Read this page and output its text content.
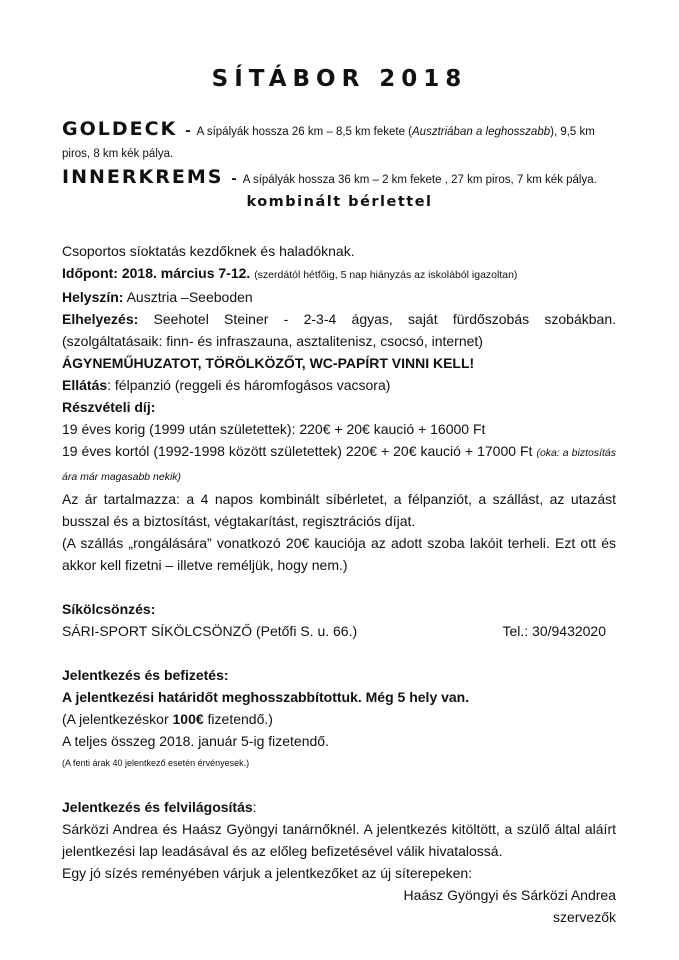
SÍTÁBOR 2018
GOLDECK - A sípályák hossza 26 km – 8,5 km fekete (Ausztriában a leghosszabb), 9,5 km piros, 8 km kék pálya.
INNERKREMS - A sípályák hossza 36 km – 2 km fekete , 27 km piros, 7 km kék pálya.
kombinált bérlettel
Csoportos síoktatás kezdőknek és haladóknak.
Időpont: 2018. március 7-12. (szerdától hétfőig, 5 nap hiányzás az iskolából igazoltan)
Helyszín: Ausztria –Seeboden
Elhelyezés: Seehotel Steiner - 2-3-4 ágyas, saját fürdőszobás szobákban. (szolgáltatásaik: finn- és infraszauna, asztalitenisz, csocsó, internet)
ÁGYNEMŰHUZATOT, TÖRÖLKÖZŐT, WC-PAPÍRT VINNI KELL!
Ellátás: félpanzió (reggeli és háromfogásos vacsora)
Részvételi díj:
19 éves korig (1999 után születettek): 220€ + 20€ kaució + 16000 Ft
19 éves kortól (1992-1998 között születettek) 220€ + 20€ kaució + 17000 Ft (oka: a biztosítás ára már magasabb nekik)
Az ár tartalmazza: a 4 napos kombinált síbérletet, a félpanziót, a szállást, az utazást busszal és a biztosítást, végtakarítást, regisztrációs díjat.
(A szállás „rongálására” vonatkozó 20€ kauciója az adott szoba lakóit terheli. Ezt ott és akkor kell fizetni – illetve reméljük, hogy nem.)
Síkölcsönzés:
SÁRI-SPORT SÍKÖLCSÖNZŐ (Petőfi S. u. 66.)	Tel.: 30/9432020
Jelentkezés és befizetés:
A jelentkezési határidőt meghosszabbítottuk. Még 5 hely van.
(A jelentkezéskor 100€ fizetendő.)
A teljes összeg 2018. január 5-ig fizetendő.
(A fenti árak 40 jelentkező esetén érvényesek.)
Jelentkezés és felvilágosítás:
Sárközi Andrea és Haász Gyöngyi tanárnőknél. A jelentkezés kitöltött, a szülő által aláírt jelentkezési lap leadásával és az előleg befizetésével válik hivatalossá.
Egy jó sízés reményében várjuk a jelentkezőket az új síterepeken:
Haász Gyöngyi és Sárközi Andrea
szervezők
